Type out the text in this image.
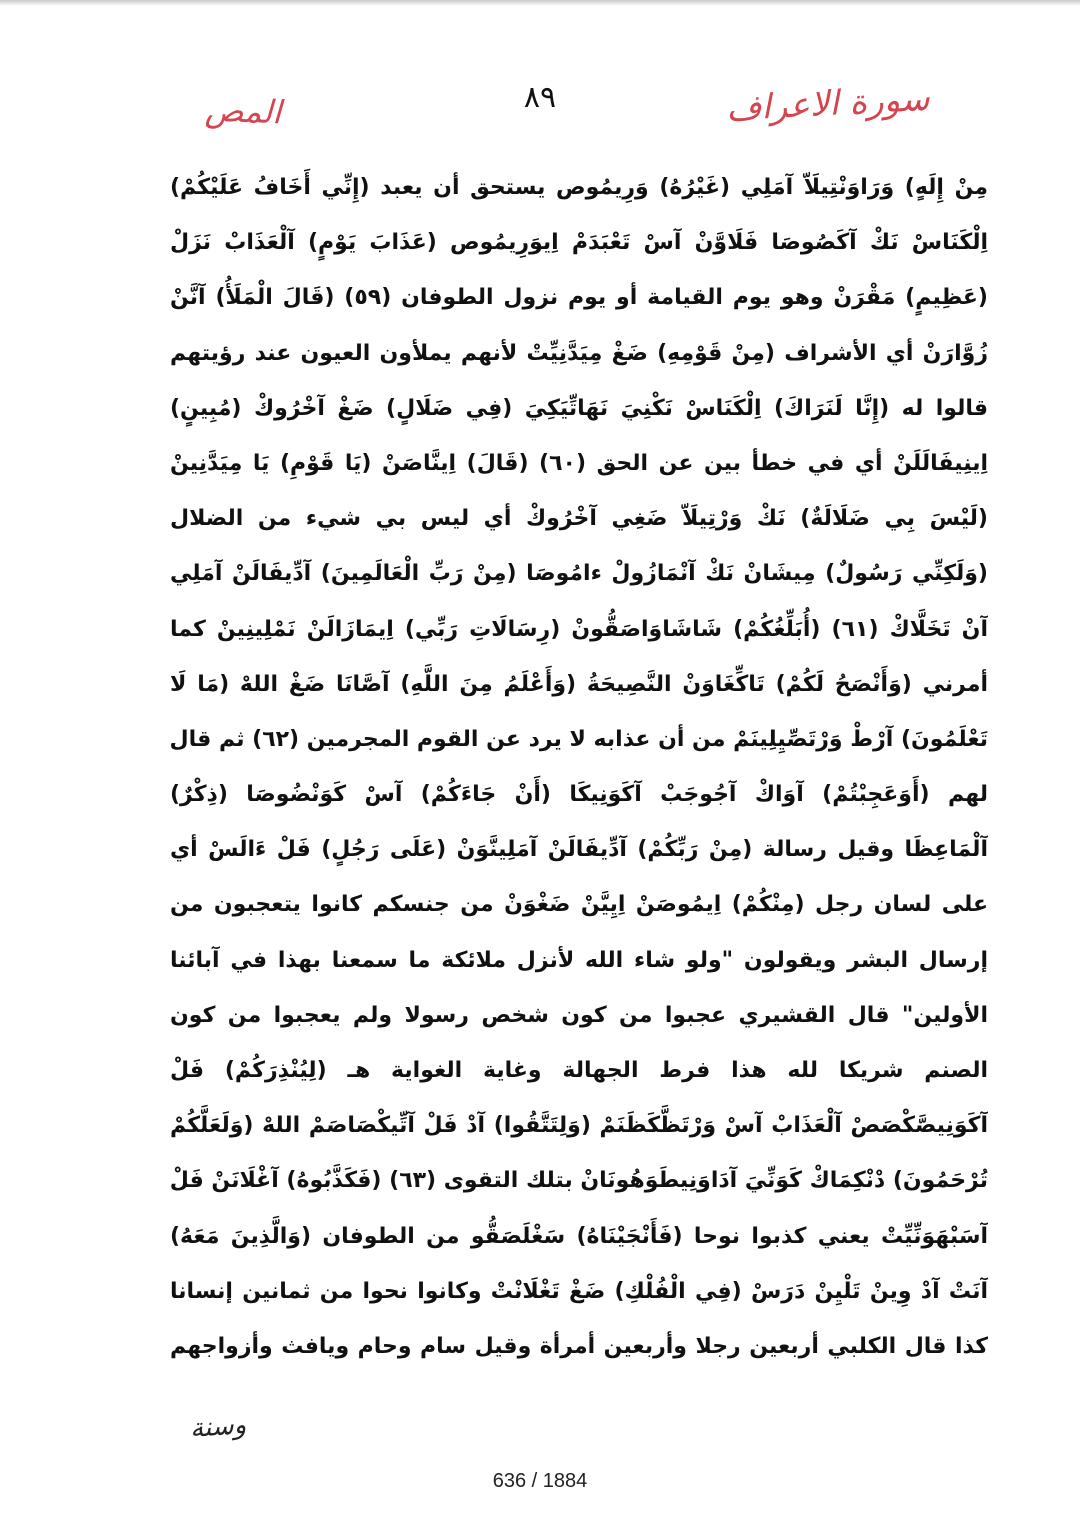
سورة الاعراف
٨٩
المص
مِنْ إِلَهٍ) وَرَاوَنْتِيلَاّ آمَلِي (غَيْرُهُ) وَرِيمُوص يستحق أن يعبد (إِنِّي أَخَافُ عَلَيْكُمْ)
اِلْكَنَاسْ نَكْ آكَصُوصَا فَلَاوَّنْ آسْ تَعْبَدَمْ اِيوَرِيمُوص (عَذَابَ يَوْمٍ) آلْعَذَابْ نَزَلْ
(عَظِيمٍ) مَقْرَنْ وهو يوم القيامة أو يوم نزول الطوفان (٥٩) (قَالَ الْمَلَأُ) آنَّنْ
زُوَّارَنْ أي الأشراف (مِنْ قَوْمِهِ) ضَغْ مِيَدَّنِيِّتْ لأنهم يملأون العيون عند رؤيتهم
قالوا له (إِنَّا لَنَرَاكَ) اِلْكَنَاسْ نَكْنِيَ نَهَاتِّيَكِيَ (فِي ضَلَالٍ) ضَغْ آخْرُوكْ (مُبِينٍ)
اِينِيفَالَلَنْ أي في خطأ بين عن الحق (٦٠) (قَالَ) اِينَّاصَنْ (يَا قَوْمِ) يَا مِيَدَّنِينْ
(لَيْسَ بِي ضَلَالَةٌ) نَكْ وَرْتِيلَاّ ضَغِي آخْرُوكْ أي ليس بي شيء من الضلال
(وَلَكِنِّي رَسُولٌ) مِيشَانْ نَكْ آنْمَازُولْ ءامُوصَا (مِنْ رَبِّ الْعَالَمِينَ) آدِّيفَالَنْ آمَلِي
آنْ تَخَلَّاكْ (٦١) (أُبَلِّغُكُمْ) شَاشَاوَاصَقُّونْ (رِسَالَاتِ رَبِّي) اِيمَازَالَنْ نَمْلِينِينْ كما
أمرني (وَأَنْصَحُ لَكُمْ) تَاكِّغَاوَنْ النَّصِيحَةُ (وَأَعْلَمُ مِنَ اللَّهِ) آصَّانَا ضَغْ اللهْ (مَا لَا
تَعْلَمُونَ) آرْطْ وَرْتَصِّيِلِينَمْ من أن عذابه لا يرد عن القوم المجرمين (٦٢) ثم قال
لهم (أَوَعَجِبْتُمْ) آوَاكْ آجُوجَبْ آكَوَنِيكَا (أَنْ جَاءَكُمْ) آسْ كَوَنْضُوصَا (ذِكْرٌ)
آلْمَاعِظَا وقيل رسالة (مِنْ رَبِّكُمْ) آدِّيفَالَنْ آمَلِينَّوَنْ (عَلَى رَجُلٍ) فَلْ ءَالَسْ أي
على لسان رجل (مِنْكُمْ) اِيمُوصَنْ اِيِيَّنْ ضَغْوَنْ من جنسكم كانوا يتعجبون من
إرسال البشر ويقولون "ولو شاء الله لأنزل ملائكة ما سمعنا بهذا في آبائنا
الأولين" قال القشيري عجبوا من كون شخص رسولا ولم يعجبوا من كون
الصنم شريكا لله هذا فرط الجهالة وغاية الغواية هـ (لِيُنْذِرَكُمْ) فَلْ
آكَوَنِيصَّكْصَصْ آلْعَذَابْ آسْ وَرْتَظَّكَظَنَمْ (وَلِتَتَّقُوا) آدْ فَلْ آتِّيكْصَاصَمْ اللهْ (وَلَعَلَّكُمْ
تُرْحَمُونَ) دْنْكِمَاكْ كَوَنِّيَ آدَاوَنِيطَوَهُونَانْ بتلك التقوى (٦٣) (فَكَذَّبُوهُ) آغْلَانَنْ فَلْ
آسَبْهَوَنِّيِّتْ يعني كذبوا نوحا (فَأَنْجَيْنَاهُ) سَغْلَصَقُّو من الطوفان (وَالَّذِينَ مَعَهُ)
آنَتْ آدْ وِينْ تَلْيِنْ دَرَسْ (فِي الْفُلْكِ) ضَغْ تَغْلَانْتْ وكانوا نحوا من ثمانين إنسانا
كذا قال الكلبي أربعين رجلا وأربعين أمرأة وقيل سام وحام ويافث وأزواجهم
وسنة
636 / 1884
